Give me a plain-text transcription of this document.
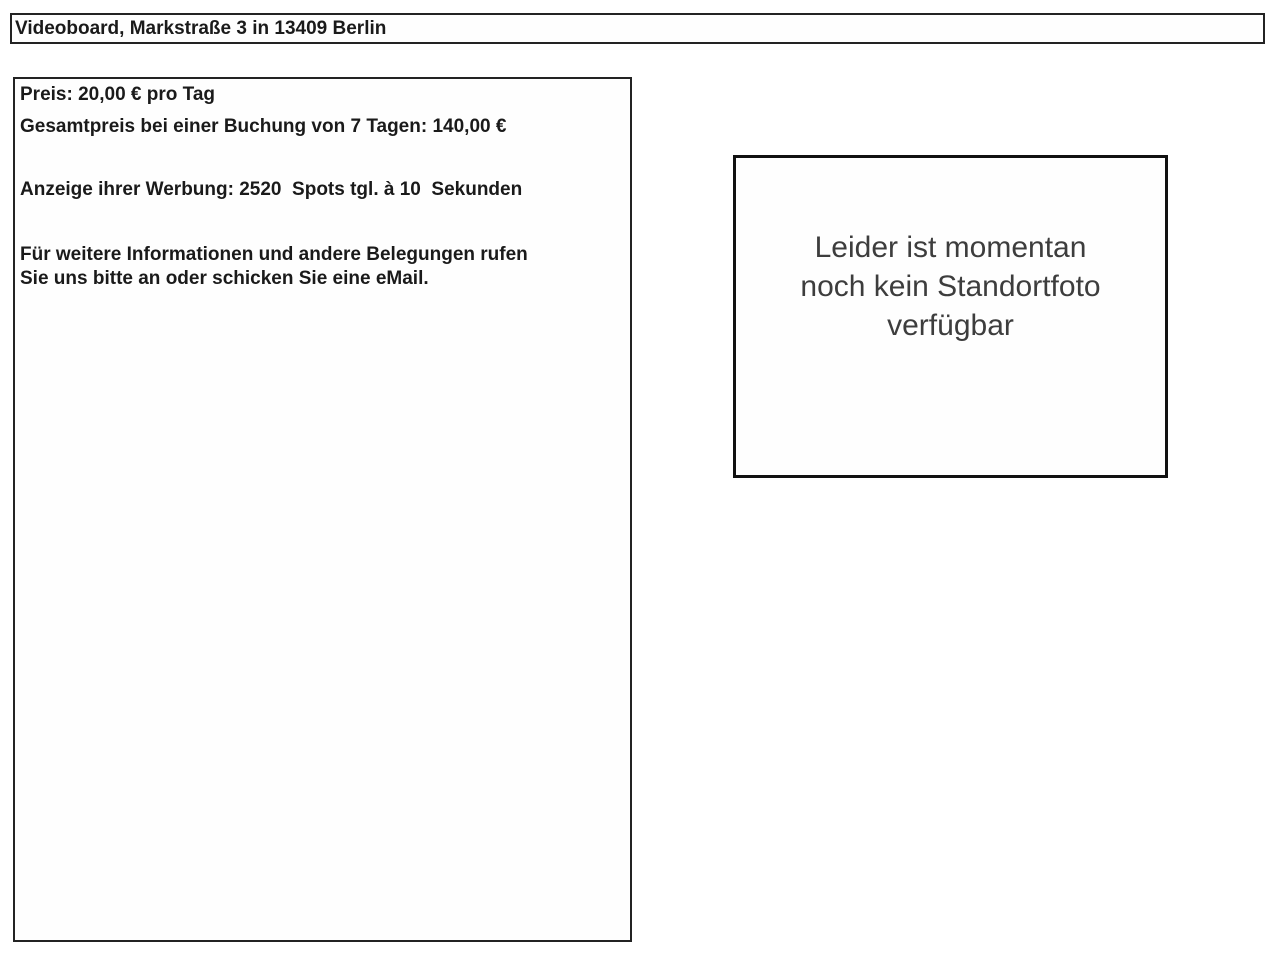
Videoboard, Markstraße 3 in 13409 Berlin
Preis: 20,00 € pro Tag
Gesamtpreis bei einer Buchung von 7 Tagen: 140,00 €
Anzeige ihrer Werbung: 2520  Spots tgl. à 10  Sekunden
Für weitere Informationen und andere Belegungen rufen
Sie uns bitte an oder schicken Sie eine eMail.
Leider ist momentan
noch kein Standortfoto
verfügbar
